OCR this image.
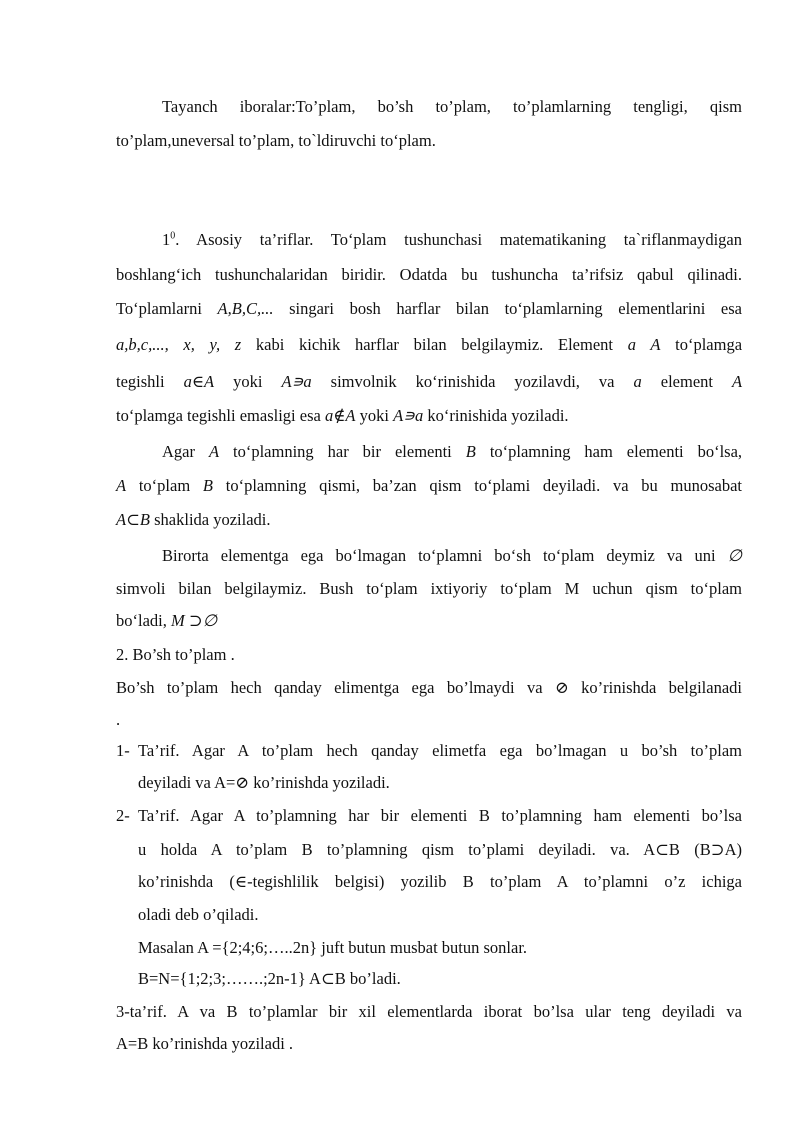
Tayanch iboralar:To’plam, bo’sh to’plam, to’plamlarning tengligi, qism
to’plam,uneversal to’plam, to`ldiruvchi to‘plam.
$1^0$. Asosiy ta’riflar. To‘plam tushunchasi matematikaning ta`riflanmaydigan
boshlang‘ich tushunchalaridan biridir. Odatda bu tushuncha ta’rifsiz qabul qilinadi.
To‘plamlarni A,B,C,... singari bosh harflar bilan to‘plamlarning elementlarini esa
a,b,c,..., x, y, z kabi kichik harflar bilan belgilaymiz. Element a A to‘plamga
tegishli a∈A yoki A∍a simvolnik ko‘rinishida yozilavdi, va a element A
to‘plamga tegishli emasligi esa a∉A yoki A∍a ko‘rinishida yoziladi.
Agar A to‘plamning har bir elementi B to‘plamning ham elementi bo‘lsa,
A to‘plam B to‘plamning qismi, ba’zan qism to‘plami deyiladi. va bu munosabat
A⊂B shaklida yoziladi.
Birorta elementga ega bo‘lmagan to‘plamni bo‘sh to‘plam deymiz va uni ∅
simvoli bilan belgilaymiz. Bush to‘plam ixtiyoriy to‘plam M uchun qism to‘plam
bo‘ladi, M ⊃∅
2. Bo’sh to’plam .
Bo’sh to’plam hech qanday elimentga ega bo’lmaydi va ⊘ ko’rinishda belgilanadi
.
1- Ta’rif. Agar A to’plam hech qanday elimetfa ega bo’lmagan u bo’sh to’plam
deyiladi va A=⊘ ko’rinishda yoziladi.
2- Ta’rif. Agar A to’plamning har bir elementi B to’plamning ham elementi bo’lsa
u holda A to’plam B to’plamning qism to’plami deyiladi. va. A⊂B (B⊃A)
ko’rinishda (∈-tegishlilik belgisi) yozilib B to’plam A to’plamni o’z ichiga
oladi deb o’qiladi.
Masalan A ={2;4;6;…..2n} juft butun musbat butun sonlar.
B=N={1;2;3;…….;2n-1} A⊂B bo’ladi.
3-ta’rif. A va B to’plamlar bir xil elementlarda iborat bo’lsa ular teng deyiladi va
A=B ko’rinishda yoziladi .
